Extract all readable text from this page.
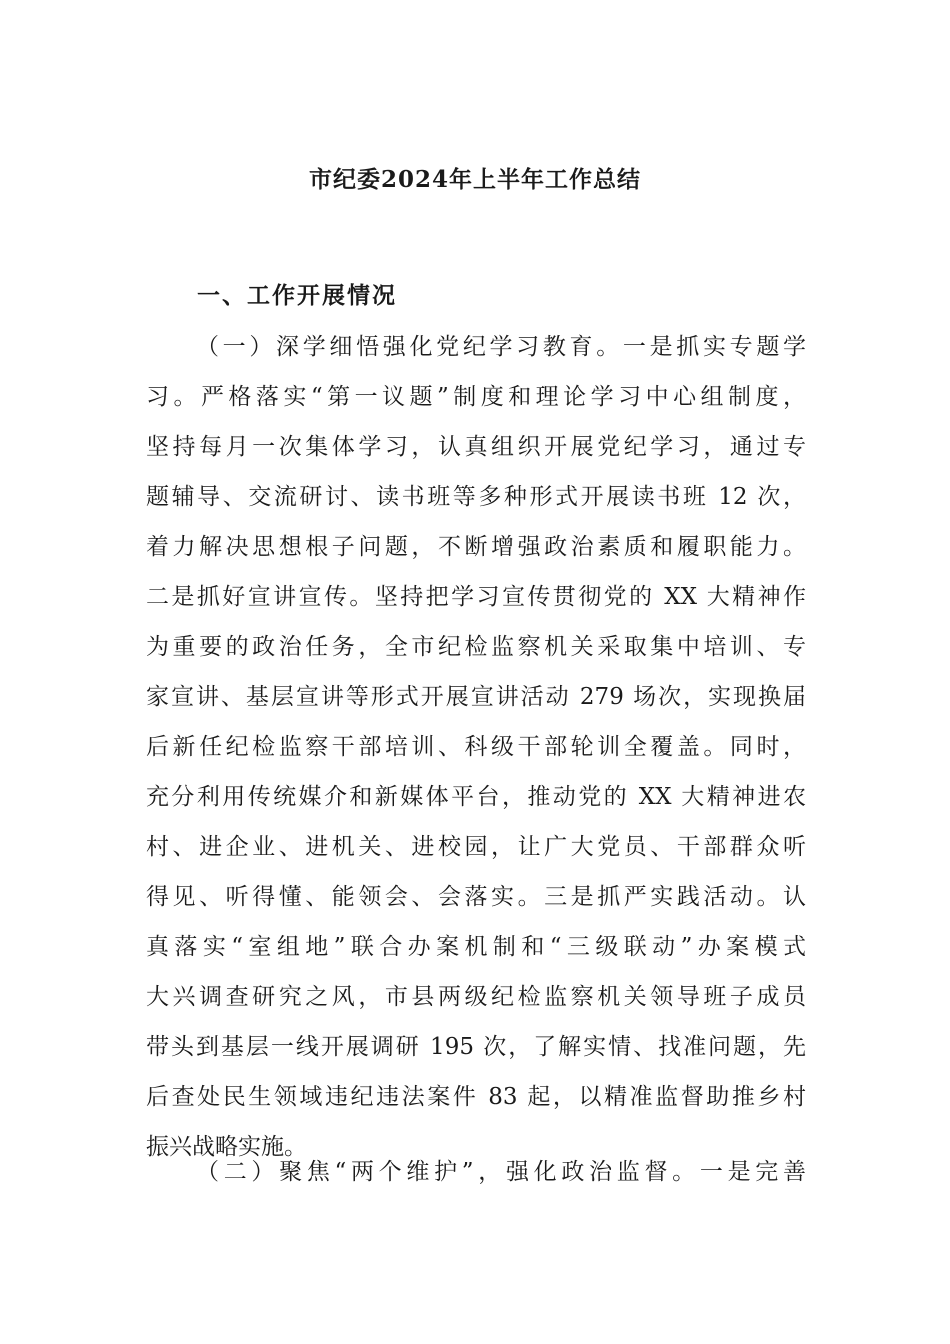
市纪委2024年上半年工作总结
一、工作开展情况
（一）深学细悟强化党纪学习教育。一是抓实专题学
习。严格落实“第一议题”制度和理论学习中心组制度，
坚持每月一次集体学习，认真组织开展党纪学习，通过专
题辅导、交流研讨、读书班等多种形式开展读书班 12 次，
着力解决思想根子问题，不断增强政治素质和履职能力。
二是抓好宣讲宣传。坚持把学习宣传贯彻党的 XX 大精神作
为重要的政治任务，全市纪检监察机关采取集中培训、专
家宣讲、基层宣讲等形式开展宣讲活动 279 场次，实现换届
后新任纪检监察干部培训、科级干部轮训全覆盖。同时，
充分利用传统媒介和新媒体平台，推动党的 XX 大精神进农
村、进企业、进机关、进校园，让广大党员、干部群众听
得见、听得懂、能领会、会落实。三是抓严实践活动。认
真落实“室组地”联合办案机制和“三级联动”办案模式
大兴调查研究之风，市县两级纪检监察机关领导班子成员
带头到基层一线开展调研 195 次，了解实情、找准问题，先
后查处民生领域违纪违法案件 83 起，以精准监督助推乡村
振兴战略实施。
（二）聚焦“两个维护”，强化政治监督。一是完善
